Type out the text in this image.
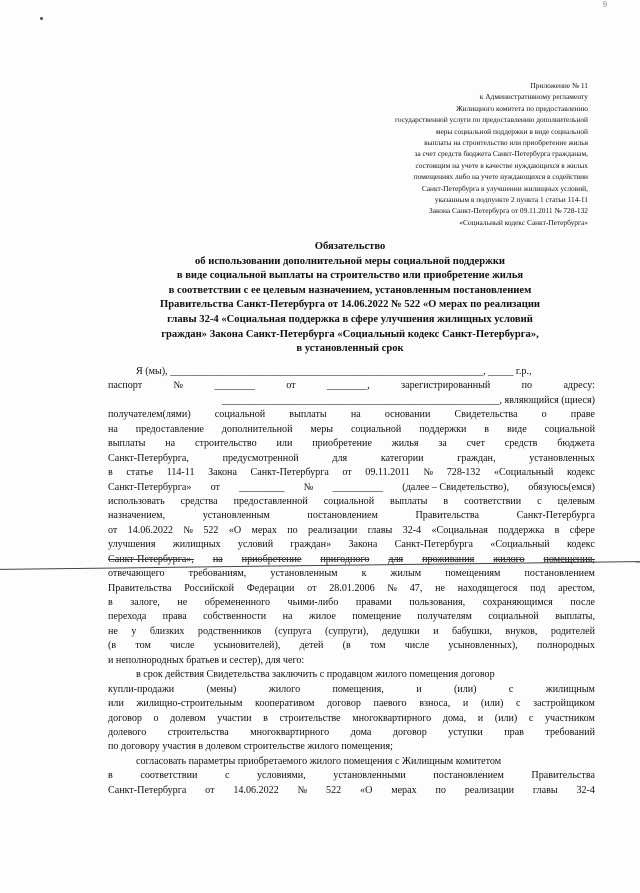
9
Приложение № 11
к Административному регламенту
Жилищного комитета по предоставлению
государственной услуги по предоставлению дополнительной
меры социальной поддержки в виде социальной
выплаты на строительство или приобретение жилья
за счет средств бюджета Санкт-Петербурга гражданам,
состоящим на учете в качестве нуждающихся в жилых
помещениях либо на учете нуждающихся в содействии
Санкт-Петербурга в улучшении жилищных условий,
указанным в подпункте 2 пункта 1 статьи 114-11
Закона Санкт-Петербурга от 09.11.2011 № 728-132
«Социальный кодекс Санкт-Петербурга»
Обязательство
об использовании дополнительной меры социальной поддержки
в виде социальной выплаты на строительство или приобретение жилья
в соответствии с ее целевым назначением, установленным постановлением
Правительства Санкт-Петербурга от 14.06.2022 № 522 «О мерах по реализации
главы 32-4 «Социальная поддержка в сфере улучшения жилищных условий
граждан» Закона Санкт-Петербурга «Социальный кодекс Санкт-Петербурга»,
в установленный срок
Я (мы), ______________________________________________________________, _____ г.р.,
паспорт	№	________	от	________,	зарегистрированный	по	адресу:
_______________________________________________________, являющийся (щиеся)
получателем(лями) социальной выплаты на основании Свидетельства о праве
на предоставление дополнительной меры социальной поддержки в виде социальной
выплаты на строительство или приобретение жилья за счет средств бюджета
Санкт-Петербурга,	предусмотренной	для	категории	граждан,	установленных
в статье 114-11 Закона Санкт-Петербурга от 09.11.2011 № 728-132 «Социальный кодекс
Санкт-Петербурга» от _________ № __________ (далее – Свидетельство), обязуюсь(емся)
использовать средства предоставленной социальной выплаты в соответствии с целевым
назначением,	установленным	постановлением	Правительства	Санкт-Петербурга
от 14.06.2022 № 522 «О мерах по реализации главы 32-4 «Социальная поддержка в сфере
улучшения жилищных условий граждан» Закона Санкт-Петербурга «Социальный кодекс
Санкт-Петербурга», на приобретение пригодного для проживания жилого помещения,
отвечающего требованиям, установленным к жилым помещениям постановлением
Правительства Российской Федерации от 28.01.2006 № 47, не находящегося под арестом,
в залоге, не обремененного чьими-либо правами пользования, сохраняющимся после
перехода права собственности на жилое помещение получателям социальной выплаты,
не у близких родственников (супруга (супруги), дедушки и бабушки, внуков, родителей
(в том числе усыновителей), детей (в том числе усыновленных), полнородных
и неполнородных братьев и сестер), для чего:
в срок действия Свидетельства заключить с продавцом жилого помещения договор
купли-продажи	(мены)	жилого	помещения,	и	(или)	с	жилищным
или жилищно-строительным кооперативом договор паевого взноса, и (или) с застройщиком
договор о долевом участии в строительстве многоквартирного дома, и (или) с участником
долевого строительства многоквартирного дома договор уступки прав требований
по договору участия в долевом строительстве жилого помещения;
согласовать параметры приобретаемого жилого помещения с Жилищным комитетом
в	соответствии	с	условиями,	установленными	постановлением	Правительства
Санкт-Петербурга от 14.06.2022 № 522 «О мерах по реализации главы 32-4
